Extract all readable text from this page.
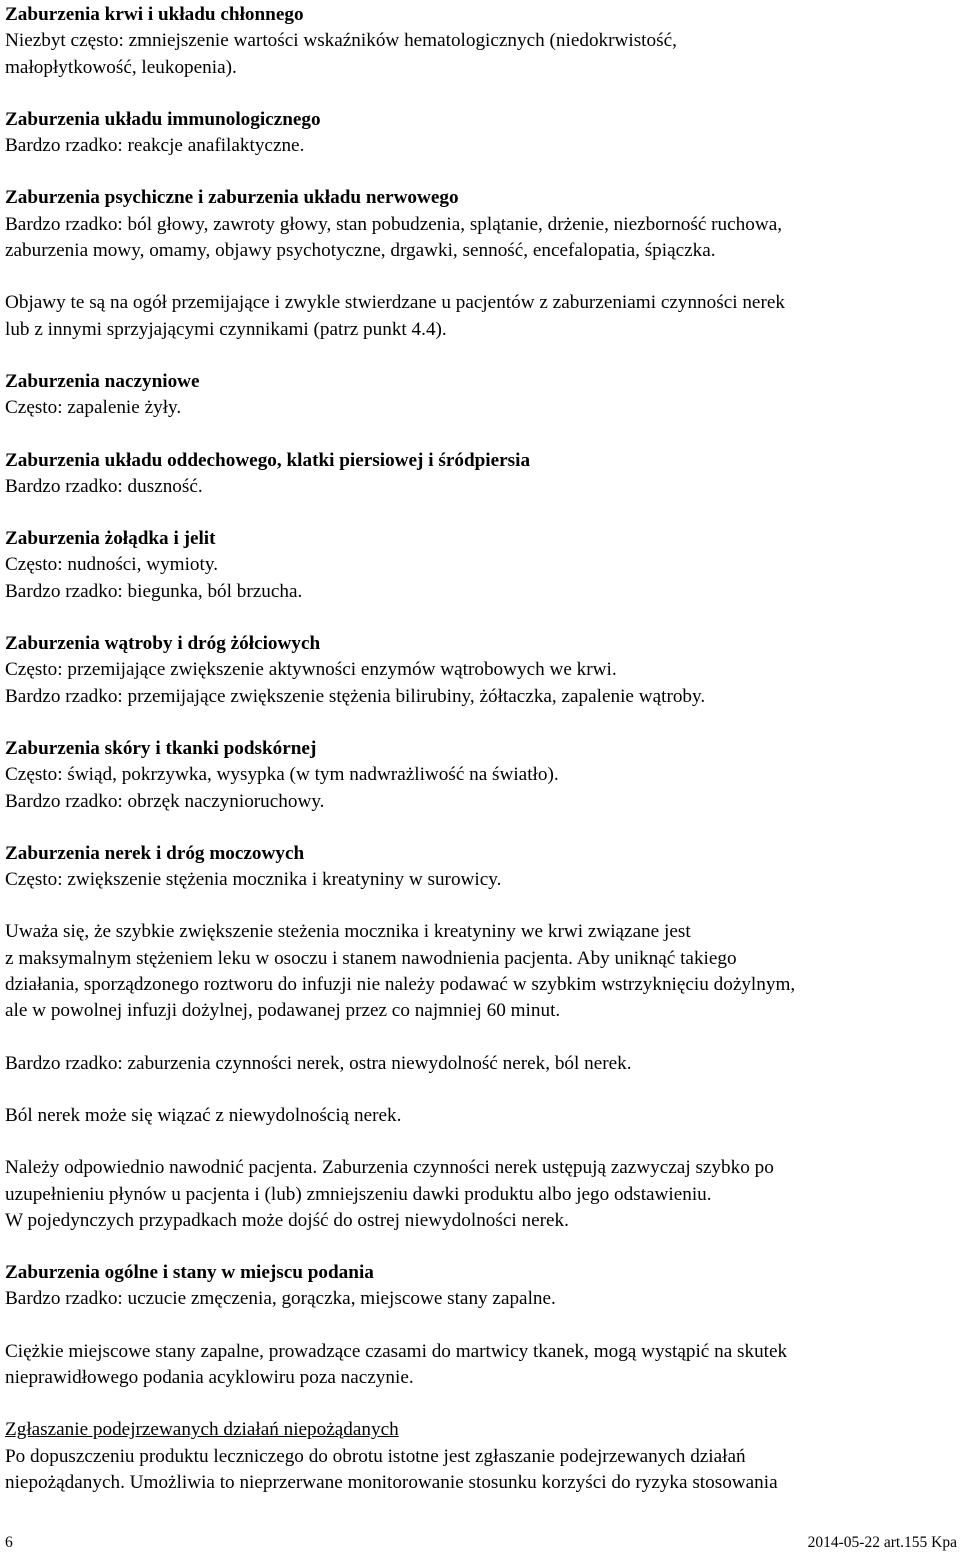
Zaburzenia krwi i układu chłonnego
Niezbyt często: zmniejszenie wartości wskaźników hematologicznych (niedokrwistość,
małopłytkowość, leukopenia).
Zaburzenia układu immunologicznego
Bardzo rzadko: reakcje anafilaktyczne.
Zaburzenia psychiczne i zaburzenia układu nerwowego
Bardzo rzadko: ból głowy, zawroty głowy, stan pobudzenia, splątanie, drżenie, niezborność ruchowa,
zaburzenia mowy, omamy, objawy psychotyczne, drgawki, senność, encefalopatia, śpiączka.
Objawy te są na ogół przemijające i zwykle stwierdzane u pacjentów z zaburzeniami czynności nerek
lub z innymi sprzyjającymi czynnikami (patrz punkt 4.4).
Zaburzenia naczyniowe
Często: zapalenie żyły.
Zaburzenia układu oddechowego, klatki piersiowej i śródpiersia
Bardzo rzadko: duszność.
Zaburzenia żołądka i jelit
Często: nudności, wymioty.
Bardzo rzadko: biegunka, ból brzucha.
Zaburzenia wątroby i dróg żółciowych
Często: przemijające zwiększenie aktywności enzymów wątrobowych we krwi.
Bardzo rzadko: przemijające zwiększenie stężenia bilirubiny, żółtaczka, zapalenie wątroby.
Zaburzenia skóry i tkanki podskórnej
Często: świąd, pokrzywka, wysypka (w tym nadwrażliwość na światło).
Bardzo rzadko: obrzęk naczynioruchowy.
Zaburzenia nerek i dróg moczowych
Często: zwiększenie stężenia mocznika i kreatyniny w surowicy.
Uważa się, że szybkie zwiększenie steżenia mocznika i kreatyniny we krwi związane jest
z maksymalnym stężeniem leku w osoczu i stanem nawodnienia pacjenta. Aby uniknąć takiego
działania, sporządzonego roztworu do infuzji nie należy podawać w szybkim wstrzyknięciu dożylnym,
ale w powolnej infuzji dożylnej, podawanej przez co najmniej 60 minut.
Bardzo rzadko: zaburzenia czynności nerek, ostra niewydolność nerek, ból nerek.
Ból nerek może się wiązać z niewydolnością nerek.
Należy odpowiednio nawodnić pacjenta. Zaburzenia czynności nerek ustępują zazwyczaj szybko po
uzupełnieniu płynów u pacjenta i (lub) zmniejszeniu dawki produktu albo jego odstawieniu.
W pojedynczych przypadkach może dojść do ostrej niewydolności nerek.
Zaburzenia ogólne i stany w miejscu podania
Bardzo rzadko: uczucie zmęczenia, gorączka, miejscowe stany zapalne.
Ciężkie miejscowe stany zapalne, prowadzące czasami do martwicy tkanek, mogą wystąpić na skutek
nieprawidłowego podania acyklowiru poza naczynie.
Zgłaszanie podejrzewanych działań niepożądanych
Po dopuszczeniu produktu leczniczego do obrotu istotne jest zgłaszanie podejrzewanych działań
niepożądanych. Umożliwia to nieprzerwane monitorowanie stosunku korzyści do ryzyka stosowania
6	2014-05-22 art.155 Kpa
